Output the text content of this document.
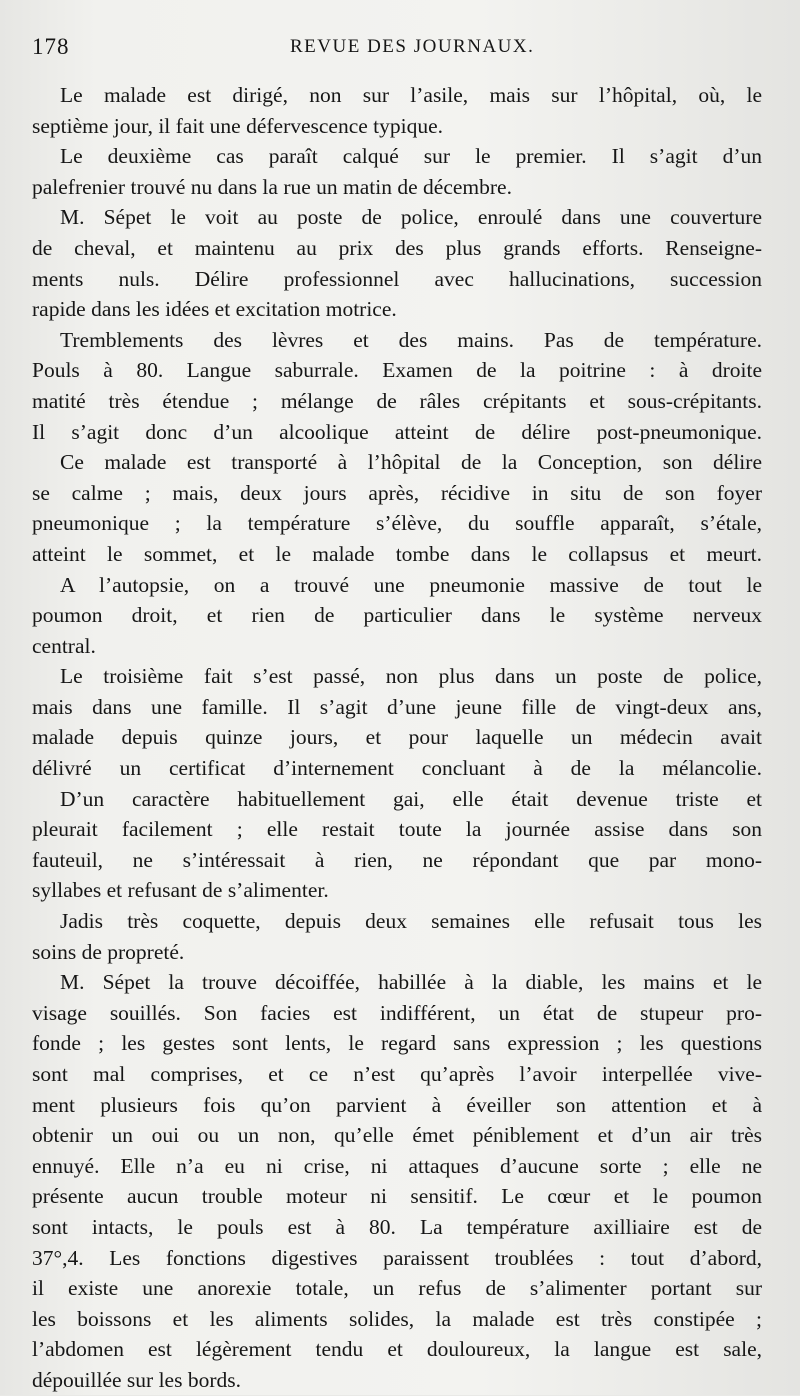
178	REVUE DES JOURNAUX.
Le malade est dirigé, non sur l’asile, mais sur l’hôpital, où, le
septième jour, il fait une défervescence typique.
Le deuxième cas paraît calqué sur le premier. Il s’agit d’un
palefrenier trouvé nu dans la rue un matin de décembre.
M. Sépet le voit au poste de police, enroulé dans une couverture
de cheval, et maintenu au prix des plus grands efforts. Renseigne-
ments nuls. Délire professionnel avec hallucinations, succession
rapide dans les idées et excitation motrice.
Tremblements des lèvres et des mains. Pas de température.
Pouls à 80. Langue saburrale. Examen de la poitrine : à droite
matité très étendue ; mélange de râles crépitants et sous-crépitants.
Il s’agit donc d’un alcoolique atteint de délire post-pneumonique.
Ce malade est transporté à l’hôpital de la Conception, son délire
se calme ; mais, deux jours après, récidive in situ de son foyer
pneumonique ; la température s’élève, du souffle apparaît, s’étale,
atteint le sommet, et le malade tombe dans le collapsus et meurt.
A l’autopsie, on a trouvé une pneumonie massive de tout le
poumon droit, et rien de particulier dans le système nerveux
central.
Le troisième fait s’est passé, non plus dans un poste de police,
mais dans une famille. Il s’agit d’une jeune fille de vingt-deux ans,
malade depuis quinze jours, et pour laquelle un médecin avait
délivré un certificat d’internement concluant à de la mélancolie.
D’un caractère habituellement gai, elle était devenue triste et
pleurait facilement ; elle restait toute la journée assise dans son
fauteuil, ne s’intéressait à rien, ne répondant que par mono-
syllabes et refusant de s’alimenter.
Jadis très coquette, depuis deux semaines elle refusait tous les
soins de propreté.
M. Sépet la trouve décoiffée, habillée à la diable, les mains et le
visage souillés. Son facies est indifférent, un état de stupeur pro-
fonde ; les gestes sont lents, le regard sans expression ; les questions
sont mal comprises, et ce n’est qu’après l’avoir interpellée vive-
ment plusieurs fois qu’on parvient à éveiller son attention et à
obtenir un oui ou un non, qu’elle émet péniblement et d’un air très
ennuyé. Elle n’a eu ni crise, ni attaques d’aucune sorte ; elle ne
présente aucun trouble moteur ni sensitif. Le cœur et le poumon
sont intacts, le pouls est à 80. La température axilliaire est de
37°,4. Les fonctions digestives paraissent troublées : tout d’abord,
il existe une anorexie totale, un refus de s’alimenter portant sur
les boissons et les aliments solides, la malade est très constipée ;
l’abdomen est légèrement tendu et douloureux, la langue est sale,
dépouillée sur les bords.
